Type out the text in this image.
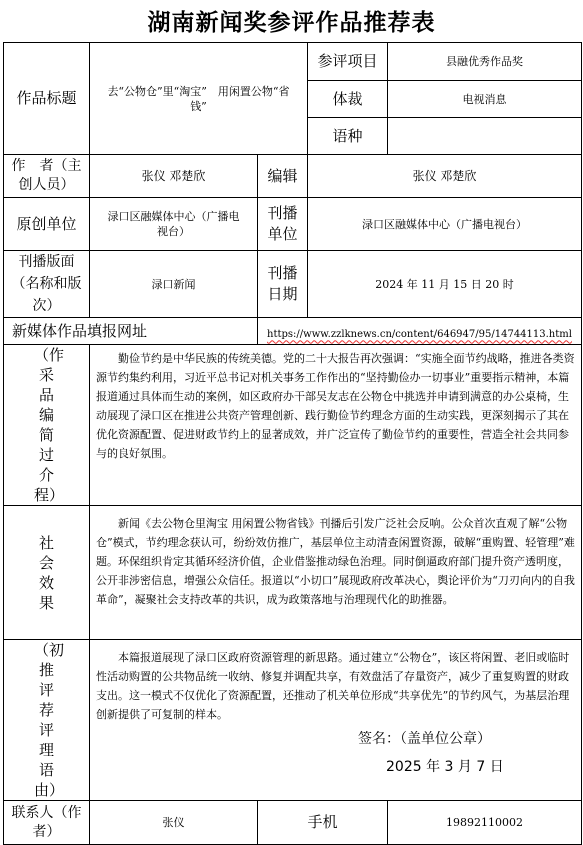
湖南新闻奖参评作品推荐表
作品标题	去“公物仓”里“淘宝”　用闲置公物“省钱”		参评项目	县融优秀作品奖
			体裁	电视消息
			语种	
作　者（主创人员）	张仪 邓楚欣	编辑	张仪 邓楚欣	
原创单位	渌口区融媒体中心（广播电视台）	刊播单位	渌口区融媒体中心（广播电视台）	
刊播版面（名称和版次）	渌口新闻	刊播日期	2024 年 11 月 15 日 20 时	
新媒体作品填报网址		https://www.zzlknews.cn/content/646947/95/14744113.html		
（作采品编简过介程）	勤俭节约是中华民族的传统美德。党的二十大报告再次强调：“实施全面节约战略，推进各类资源节约集约利用，习近平总书记对机关事务工作作出的“坚持勤俭办一切事业”重要指示精神，本篇报道通过具体而生动的案例，如区政府办干部吴友志在公物仓中挑选并申请到满意的办公桌椅，生动展现了渌口区在推进公共资产管理创新、践行勤俭节约理念方面的生动实践，更深刻揭示了其在优化资源配置、促进财政节约上的显著成效，并广泛宣传了勤俭节约的重要性，营造全社会共同参与的良好氛围。			
社会效果	新闻《去公物仓里淘宝 用闲置公物省钱》刊播后引发广泛社会反响。公众首次直观了解“公物仓”模式，节约理念获认可，纷纷效仿推广，基层单位主动清查闲置资源，破解“重购置、轻管理”难题。环保组织肯定其循环经济价值，企业借鉴推动绿色治理。同时倒逼政府部门提升资产透明度，公开非涉密信息，增强公众信任。报道以“小切口”展现政府改革决心，舆论评价为“刀刃向内的自我革命”，凝聚社会支持改革的共识，成为政策落地与治理现代化的助推器。			
（初推评荐评理语由）	本篇报道展现了渌口区政府资源管理的新思路。通过建立“公物仓”，该区将闲置、老旧或临时性活动购置的公共物品统一收纳、修复并调配共享，有效盘活了存量资产，减少了重复购置的财政支出。这一模式不仅优化了资源配置，还推动了机关单位形成“共享优先”的节约风气，为基层治理创新提供了可复制的样本。
签名：（盖单位公章）
2025 年 3 月 7 日			

联系人（作者）	张仪	手机		19892110002
